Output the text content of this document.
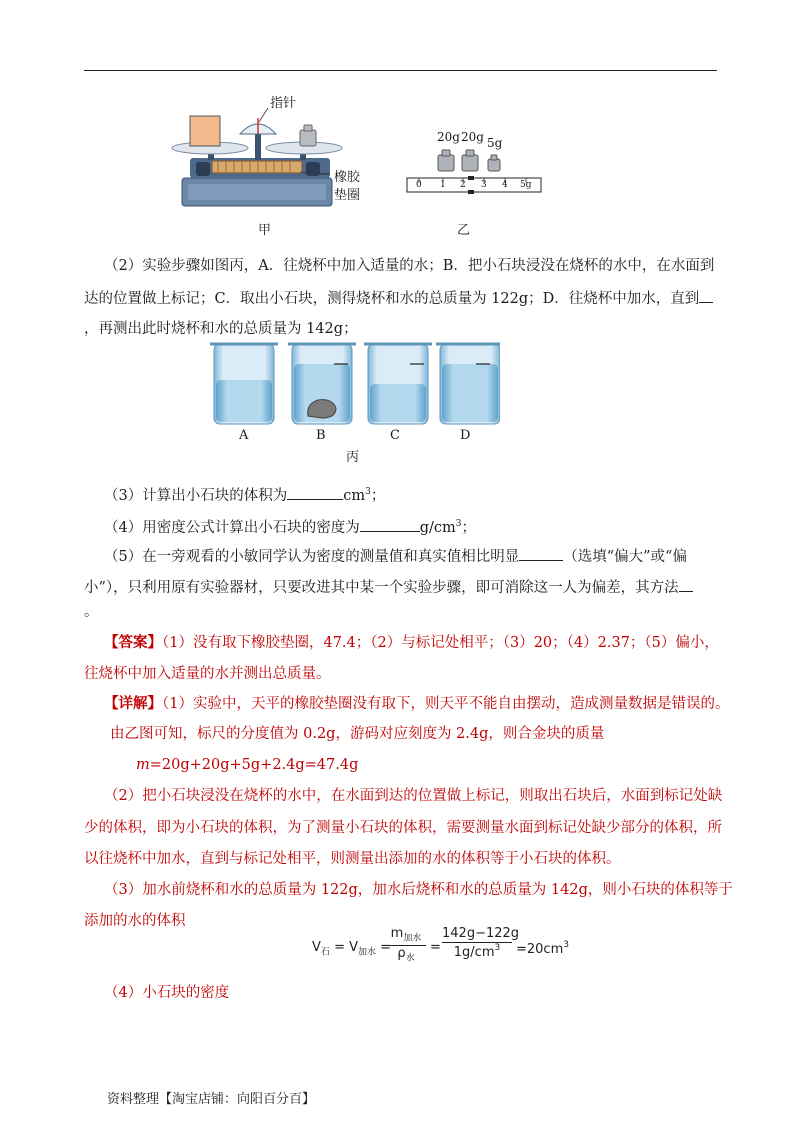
指针
橡胶
垫圈
甲
20g 20g 5g
0 1 2 3 4 5g
乙
（2）实验步骤如图丙，A．往烧杯中加入适量的水；B．把小石块浸没在烧杯的水中，在水面到
达的位置做上标记；C．取出小石块，测得烧杯和水的总质量为 122g；D．往烧杯中加水，直到
，再测出此时烧杯和水的总质量为 142g；
A	B	C	D
丙
（3）计算出小石块的体积为	$cm^3$；
（4）用密度公式计算出小石块的密度为	$g/cm^3$；
（5）在一旁观看的小敏同学认为密度的测量值和真实值相比明显	（选填“偏大”或“偏
小”），只利用原有实验器材，只要改进其中某一个实验步骤，即可消除这一人为偏差，其方法
。
【答案】（1）没有取下橡胶垫圈，47.4；（2）与标记处相平；（3）20；（4）2.37；（5）偏小，
往烧杯中加入适量的水并测出总质量。
【详解】（1）实验中，天平的橡胶垫圈没有取下，则天平不能自由摆动，造成测量数据是错误的。
由乙图可知，标尺的分度值为 0.2g，游码对应刻度为 2.4g，则合金块的质量
m=20g+20g+5g+2.4g=47.4g
（2）把小石块浸没在烧杯的水中，在水面到达的位置做上标记，则取出石块后，水面到标记处缺
少的体积，即为小石块的体积，为了测量小石块的体积，需要测量水面到标记处缺少部分的体积，所
以往烧杯中加水，直到与标记处相平，则测量出添加的水的体积等于小石块的体积。
（3）加水前烧杯和水的总质量为 122g，加水后烧杯和水的总质量为 142g，则小石块的体积等于
添加的水的体积
$V_石 = V_{加水}$ =
$m_{加水}$
$\rho_水$
=
142g−122g
$1g/cm^3$	$=20cm^3$
（4）小石块的密度
资料整理【淘宝店铺：向阳百分百】
